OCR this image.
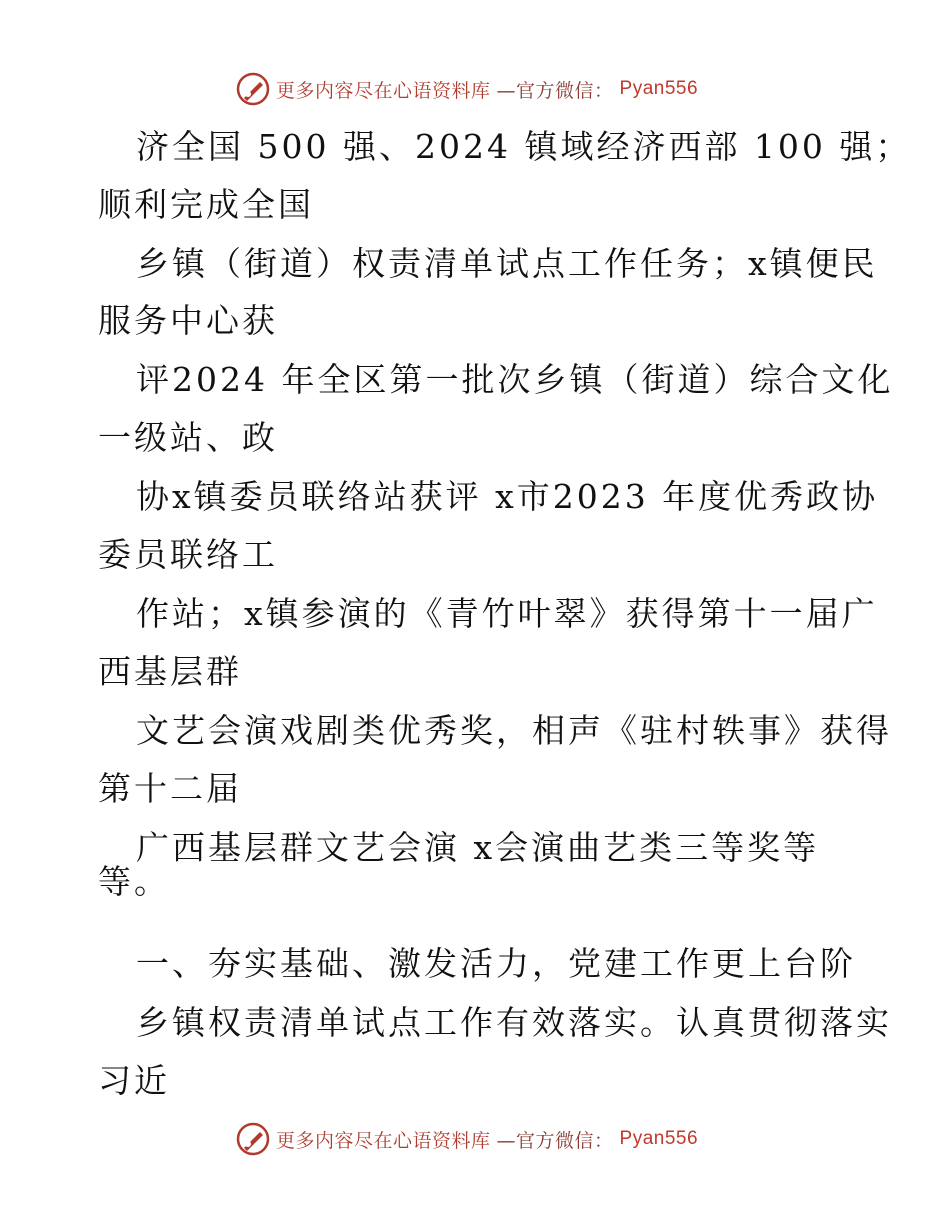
更多内容尽在心语资料库 —官方微信： Pyan556
济全国 500 强、2024 镇域经济西部 100 强；
顺利完成全国
乡镇（街道）权责清单试点工作任务；x镇便民
服务中心获
评2024 年全区第一批次乡镇（街道）综合文化
一级站、政
协x镇委员联络站获评 x市2023 年度优秀政协
委员联络工
作站；x镇参演的《青竹叶翠》获得第十一届广
西基层群
文艺会演戏剧类优秀奖，相声《驻村轶事》获得
第十二届
广西基层群文艺会演 x会演曲艺类三等奖等
等。
一、夯实基础、激发活力，党建工作更上台阶
乡镇权责清单试点工作有效落实。认真贯彻落实
习近
更多内容尽在心语资料库 —官方微信： Pyan556
